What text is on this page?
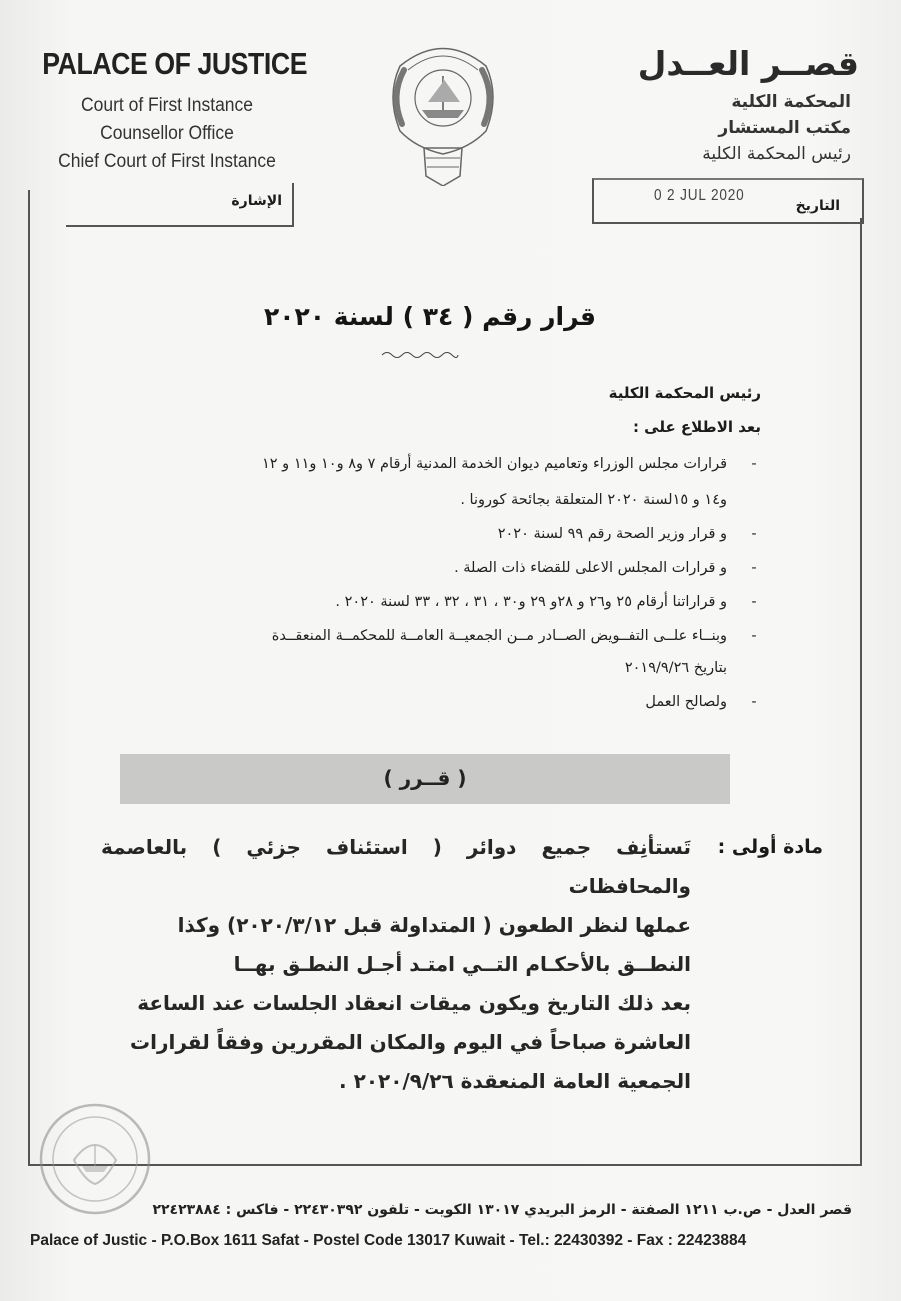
PALACE OF JUSTICE
Court of First Instance
Counsellor Office
Chief Court of First Instance
قصــر العــدل
المحكمة الكلية
مكتب المستشار
رئيس المحكمة الكلية
الإشارة	0 2 JUL 2020
التاريخ
قرار رقم ( ٣٤ ) لسنة ٢٠٢٠
رئيس المحكمة الكلية
بعد الاطلاع على :
-
قرارات مجلس الوزراء وتعاميم ديوان الخدمة المدنية أرقام ٧ و٨ و١٠ و١١ و ١٢
و١٤ و ١٥لسنة ٢٠٢٠ المتعلقة بجائحة كورونا .
-
و قرار وزير الصحة رقم ٩٩ لسنة ٢٠٢٠
-
و قرارات المجلس الاعلى للقضاء ذات الصلة .
-
و قراراتنا أرقام ٢٥ و٢٦ و ٢٨و ٢٩ و٣٠ ، ٣١ ، ٣٢ ، ٣٣ لسنة ٢٠٢٠ .
-
وبنــاء علــى التفــويض الصــادر مــن الجمعيــة العامــة للمحكمــة المنعقــدة
بتاريخ ٢٠١٩/٩/٢٦
-
ولصالح العمل
( قــرر )
مادة أولى :
تَستأنِف جميع دوائر ( استئناف جزئي ) بالعاصمة والمحافظات
عملها لنظر الطعون ( المتداولة قبل ٢٠٢٠/٣/١٢) وكذا
النطــق بالأحكـام التــي امتـد أجـل النطـق بهــا
بعد ذلك التاريخ ويكون ميقات انعقاد الجلسات عند الساعة
العاشرة صباحاً في اليوم والمكان المقررين وفقاً لقرارات
الجمعية العامة المنعقدة ٢٠٢٠/٩/٢٦ .
قصر العدل - ص.ب ١٢١١ الصفتة - الرمز البريدي ١٣٠١٧ الكويت - تلفون ٢٢٤٣٠٣٩٢ - فاكس : ٢٢٤٢٣٨٨٤
Palace of Justic - P.O.Box 1611 Safat - Postel Code 13017 Kuwait - Tel.: 22430392 - Fax : 22423884
